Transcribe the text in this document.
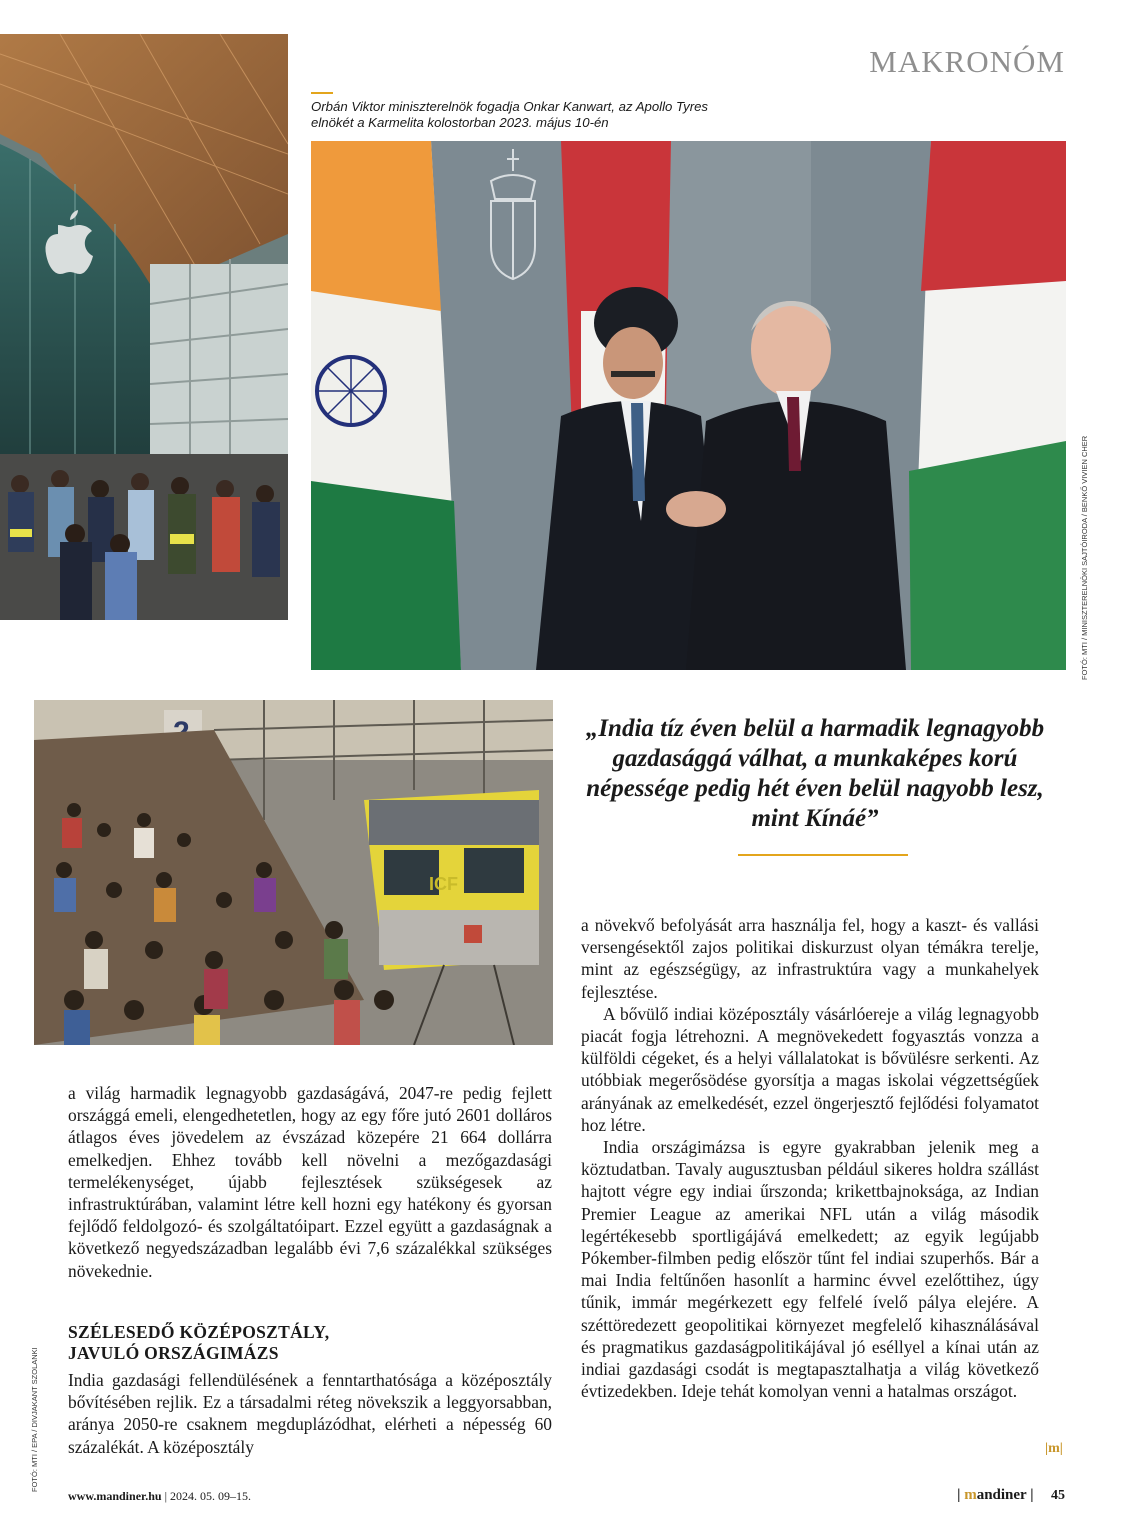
MAKRONÓM
Orbán Viktor miniszterelnök fogadja Onkar Kanwart, az Apollo Tyres elnökét a Karmelita kolostorban 2023. május 10-én
FOTÓ: MTI / MINISZTERELNÖKI SAJTÓIRODA / BENKŐ VIVIEN CHER
ICF
FOTÓ: MTI / EPA / DIVJAKANT SZOLANKI
„India tíz éven belül a harmadik legnagyobb gazdasággá válhat, a munkaképes korú népessége pedig hét éven belül nagyobb lesz, mint Kínáé”

a világ harmadik legnagyobb gazdaságává, 2047-re pedig fejlett országgá emeli, elengedhetetlen, hogy az egy főre jutó 2601 dolláros átlagos éves jövedelem az évszázad közepére 21 664 dollárra emelkedjen. Ehhez tovább kell növelni a mezőgazdasági termelékenységet, újabb fejlesztések szükségesek az infrastruktúrában, valamint létre kell hozni egy hatékony és gyorsan fejlődő feldolgozó- és szolgáltatóipart. Ezzel együtt a gazdaságnak a következő negyedszázadban legalább évi 7,6 százalékkal szükséges növekednie.

SZÉLESEDŐ KÖZÉPOSZTÁLY,
JAVULÓ ORSZÁGIMÁZS

India gazdasági fellendülésének a fenntarthatósága a középosztály bővítésében rejlik. Ez a társadalmi réteg növekszik a leggyorsabban, aránya 2050-re csaknem megduplázódhat, elérheti a népesség 60 százalékát. A középosztály

a növekvő befolyását arra használja fel, hogy a kaszt- és vallási versengésektől zajos politikai diskurzust olyan témákra terelje, mint az egészségügy, az infrastruktúra vagy a munkahelyek fejlesztése.

A bővülő indiai középosztály vásárlóereje a világ legnagyobb piacát fogja létrehozni. A megnövekedett fogyasztás vonzza a külföldi cégeket, és a helyi vállalatokat is bővülésre serkenti. Az utóbbiak megerősödése gyorsítja a magas iskolai végzettségűek arányának az emelkedését, ezzel öngerjesztő fejlődési folyamatot hoz létre.

India országimázsa is egyre gyakrabban jelenik meg a köztudatban. Tavaly augusztusban például sikeres holdra szállást hajtott végre egy indiai űrszonda; krikettbajnoksága, az Indian Premier League az amerikai NFL után a világ második legértékesebb sportligájává emelkedett; az egyik legújabb Pókember-filmben pedig először tűnt fel indiai szuperhős. Bár a mai India feltűnően hasonlít a harminc évvel ezelőttihez, úgy tűnik, immár megérkezett egy felfelé ívelő pálya elejére. A széttöredezett geopolitikai környezet megfelelő kihasználásával és pragmatikus gazdaságpolitikájával jó eséllyel a kínai után az indiai gazdasági csodát is megtapasztalhatja a világ következő évtizedekben. Ideje tehát komolyan venni a hatalmas országot.

|m|
www.mandiner.hu | 2024. 05. 09–15.	| mandiner | 45
